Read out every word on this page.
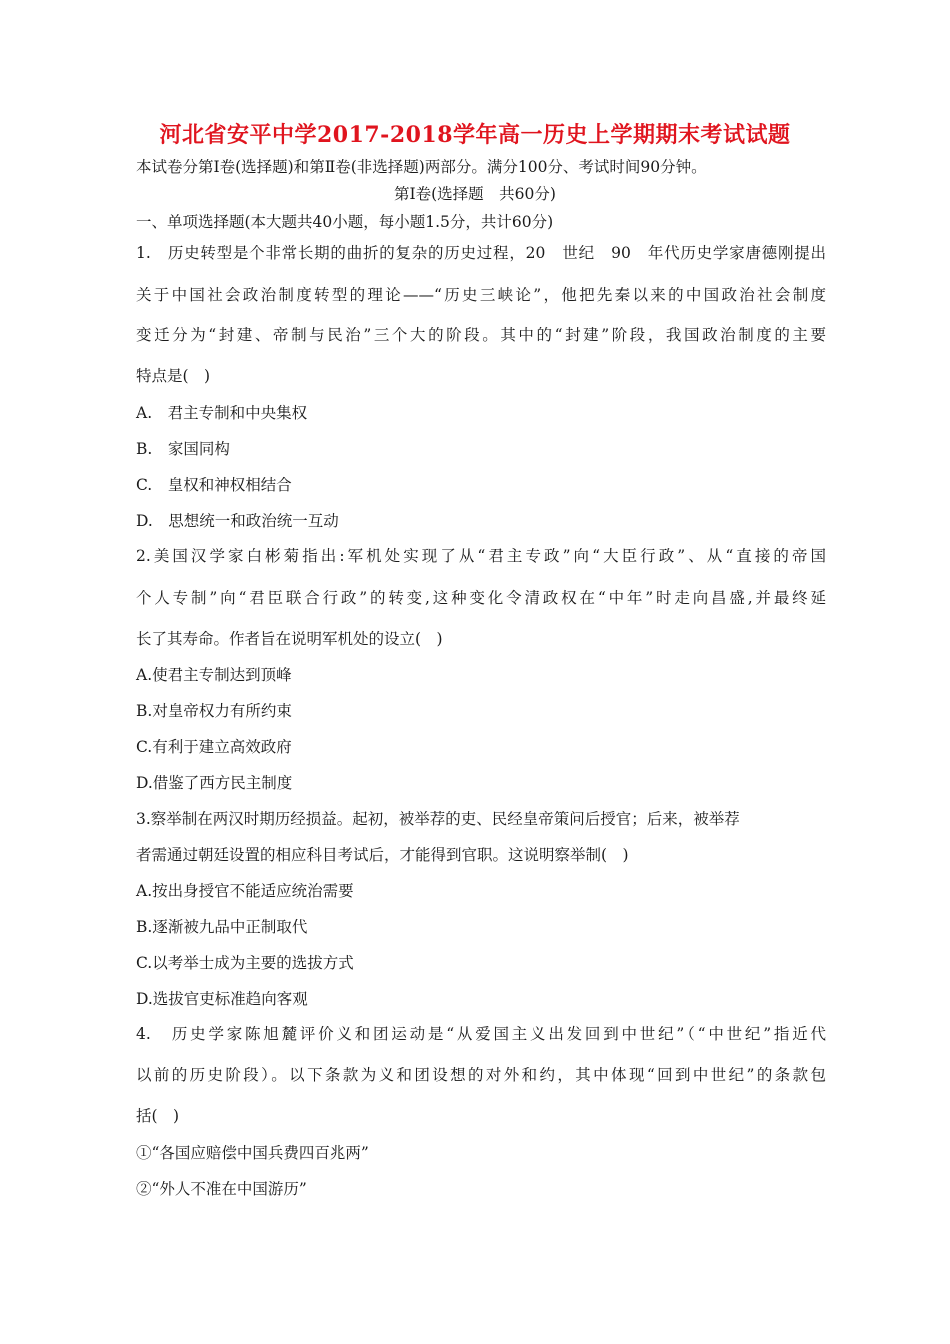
河北省安平中学2017-2018学年高一历史上学期期末考试试题
本试卷分第Ⅰ卷(选择题)和第Ⅱ卷(非选择题)两部分。满分100分、考试时间90分钟。
第Ⅰ卷(选择题　共60分)
一、单项选择题(本大题共40小题，每小题1.5分，共计60分)
1.　历史转型是个非常长期的曲折的复杂的历史过程，20　世纪　90　年代历史学家唐德刚提出
关于中国社会政治制度转型的理论——“历史三峡论”，他把先秦以来的中国政治社会制度
变迁分为“封建、帝制与民治”三个大的阶段。其中的“封建”阶段，我国政治制度的主要
特点是(　)
A.　君主专制和中央集权
B.　家国同构
C.　皇权和神权相结合
D.　思想统一和政治统一互动
2.美国汉学家白彬菊指出:军机处实现了从“君主专政”向“大臣行政”、从“直接的帝国
个人专制”向“君臣联合行政”的转变,这种变化令清政权在“中年”时走向昌盛,并最终延
长了其寿命。作者旨在说明军机处的设立(　)
A.使君主专制达到顶峰
B.对皇帝权力有所约束
C.有利于建立高效政府
D.借鉴了西方民主制度
3.察举制在两汉时期历经损益。起初，被举荐的吏、民经皇帝策问后授官；后来，被举荐
者需通过朝廷设置的相应科目考试后，才能得到官职。这说明察举制(　)
A.按出身授官不能适应统治需要
B.逐渐被九品中正制取代
C.以考举士成为主要的选拔方式
D.选拔官吏标准趋向客观
4.　历史学家陈旭麓评价义和团运动是“从爱国主义出发回到中世纪”（“中世纪”指近代
以前的历史阶段）。以下条款为义和团设想的对外和约，其中体现“回到中世纪”的条款包
括(　)
①“各国应赔偿中国兵费四百兆两”
②“外人不准在中国游历”
